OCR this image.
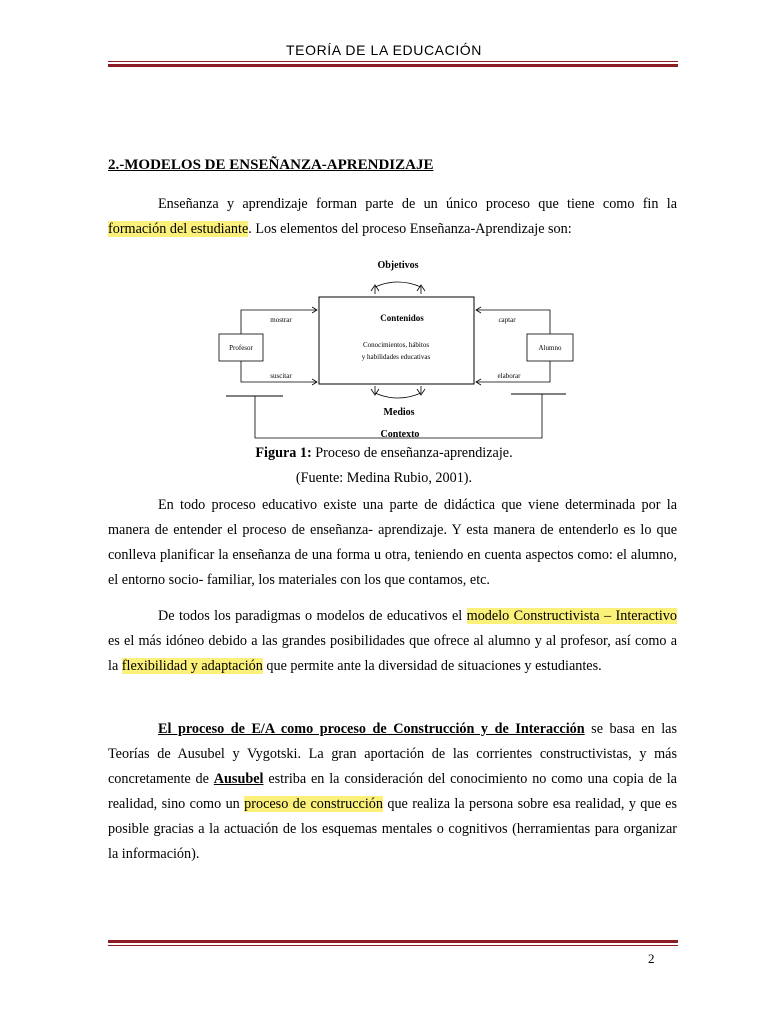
TEORÍA DE LA EDUCACIÓN
2.-MODELOS DE ENSEÑANZA-APRENDIZAJE
Enseñanza y aprendizaje forman parte de un único proceso que tiene como fin la formación del estudiante. Los elementos del proceso Enseñanza-Aprendizaje son:
Objetivos
Contenidos
Conocimientos, hábitos
y habilidades educativas
Profesor	Alumno
mostrar
suscitar
captar
elaborar
Medios
Contexto
Figura 1: Proceso de enseñanza-aprendizaje.
(Fuente: Medina Rubio, 2001).
En todo proceso educativo existe una parte de didáctica que viene determinada por la manera de entender el proceso de enseñanza- aprendizaje. Y esta manera de entenderlo es lo que conlleva planificar la enseñanza de una forma u otra, teniendo en cuenta aspectos como: el alumno, el entorno socio- familiar, los materiales con los que contamos, etc.
De todos los paradigmas o modelos de educativos el modelo Constructivista – Interactivo es el más idóneo debido a las grandes posibilidades que ofrece al alumno y al profesor, así como a la flexibilidad y adaptación que permite ante la diversidad de situaciones y estudiantes.
El proceso de E/A como proceso de Construcción y de Interacción se basa en las Teorías de Ausubel y Vygotski. La gran aportación de las corrientes constructivistas, y más concretamente de Ausubel estriba en la consideración del conocimiento no como una copia de la realidad, sino como un proceso de construcción que realiza la persona sobre esa realidad, y que es posible gracias a la actuación de los esquemas mentales o cognitivos (herramientas para organizar la información).
2
